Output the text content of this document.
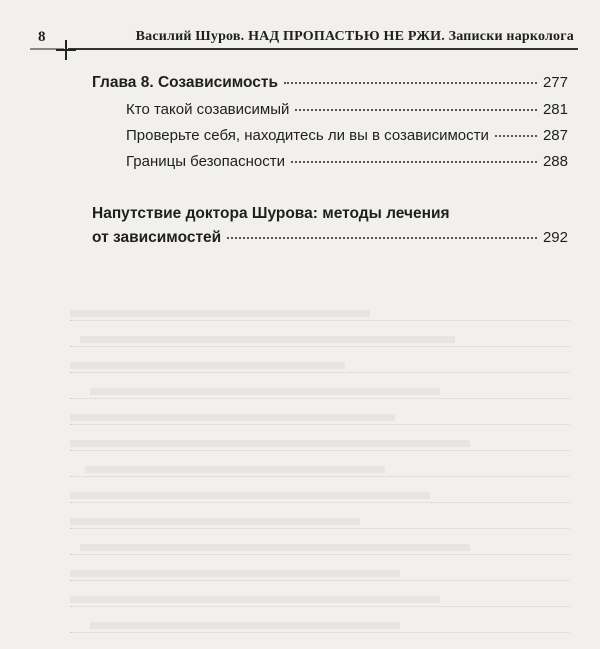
8	Василий Шуров. НАД ПРОПАСТЬЮ НЕ РЖИ. Записки нарколога
Глава 8. Созависимость	277
Кто такой созависимый	281
Проверьте себя, находитесь ли вы в созависимости	287
Границы безопасности	288
Напутствие доктора Шурова: методы лечения
от зависимостей	292
